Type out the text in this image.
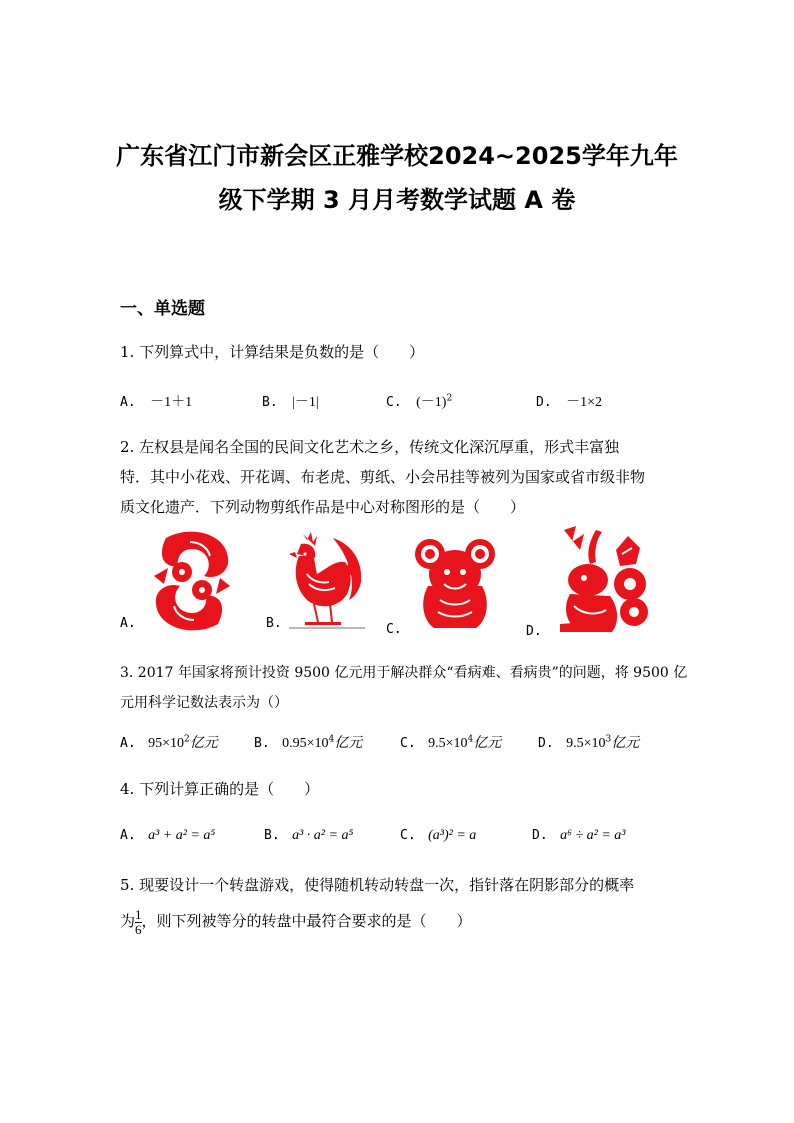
广东省江门市新会区正雅学校2024~2025学年九年
级下学期 3 月月考数学试题 A 卷
一、单选题
1. 下列算式中，计算结果是负数的是（　　）
A. －1＋1	B. |－1|	C. $(-1)^2$	D. －1×2
2. 左权县是闻名全国的民间文化艺术之乡，传统文化深沉厚重，形式丰富独
特．其中小花戏、开花调、布老虎、剪纸、小会吊挂等被列为国家或省市级非物
质文化遗产．下列动物剪纸作品是中心对称图形的是（　　）
A.	B.	C.	D.
3. 2017 年国家将预计投资 9500 亿元用于解决群众“看病难、看病贵”的问题，将 9500 亿
元用科学记数法表示为（）
A. $95\times 10^2$亿元	B. $0.95\times 10^4$亿元	C. $9.5\times 10^4$亿元	D. $9.5\times 10^3$亿元
4. 下列计算正确的是（　　）
A. a³ + a² = a⁵	B. a³ · a² = a⁵	C. (a³)² = a	D. a⁶ ÷ a² = a³
5. 现要设计一个转盘游戏，使得随机转动转盘一次，指针落在阴影部分的概率
为 $\frac{1}{6}$ ，则下列被等分的转盘中最符合要求的是（　　）
